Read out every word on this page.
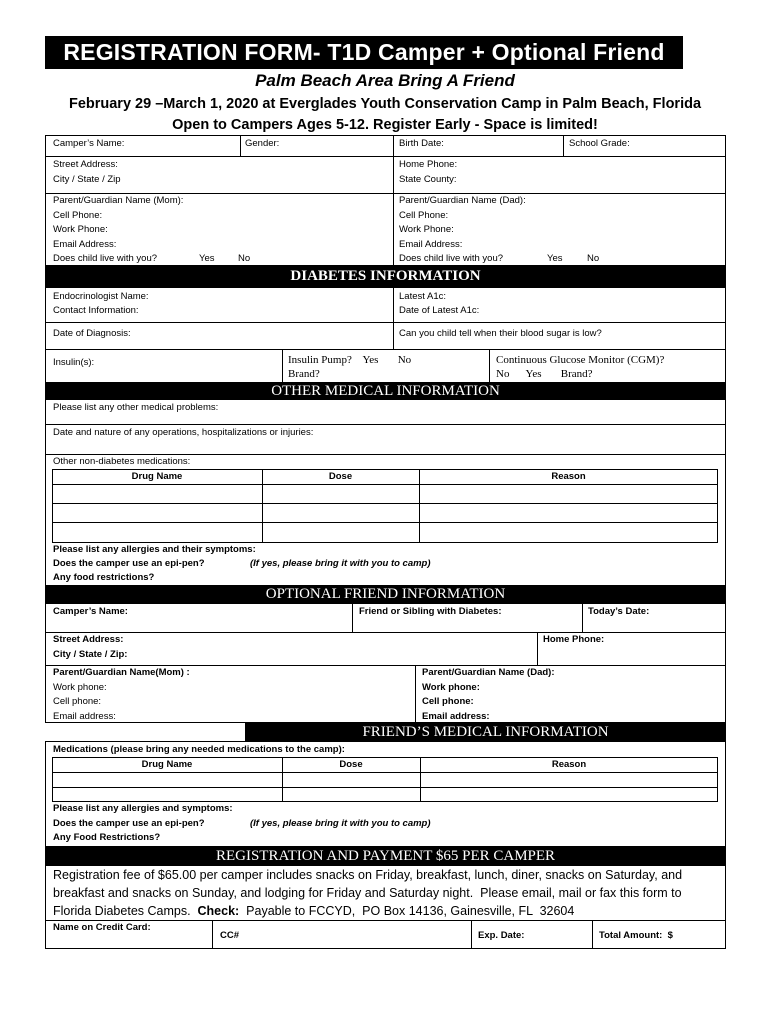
REGISTRATION FORM- T1D Camper + Optional Friend
Palm Beach Area Bring A Friend
February 29 –March 1, 2020 at Everglades Youth Conservation Camp in Palm Beach, Florida
Open to Campers Ages 5-12. Register Early - Space is limited!
Camper’s Name:	Gender:	Birth Date:	School Grade:
Street Address:
City / State / Zip
Home Phone:
State County:
Parent/Guardian Name (Mom):
Cell Phone:
Work Phone:
Email Address:
Does child live with you?	Yes No
Parent/Guardian Name (Dad):
Cell Phone:
Work Phone:
Email Address:
Does child live with you?	Yes	No
DIABETES INFORMATION
Endocrinologist Name:
Contact Information:
Latest A1c:
Date of Latest A1c:
Date of Diagnosis:	Can you child tell when their blood sugar is low?
Insulin(s):	Insulin Pump?    Yes       No
Brand?
Continuous Glucose Monitor (CGM)?
No      Yes       Brand?
OTHER MEDICAL INFORMATION
Please list any other medical problems:
Date and nature of any operations, hospitalizations or injuries:
Other non-diabetes medications:
Drug Name	Dose	Reason
Please list any allergies and their symptoms:
Does the camper use an epi-pen?	(If yes, please bring it with you to camp)
Any food restrictions?
OPTIONAL FRIEND INFORMATION
Camper’s Name:	Friend or Sibling with Diabetes:	Today’s Date:
Street Address:
City / State / Zip:
Home Phone:
Parent/Guardian Name(Mom) :
Work phone:
Cell phone:
Email address:
Parent/Guardian Name (Dad):
Work phone:
Cell phone:
Email address:
FRIEND’S MEDICAL INFORMATION
Medications (please bring any needed medications to the camp):
Drug Name	Dose	Reason
Please list any allergies and symptoms:
Does the camper use an epi-pen?	(If yes, please bring it with you to camp)
Any Food Restrictions?
REGISTRATION AND PAYMENT $65 PER CAMPER
Registration fee of $65.00 per camper includes snacks on Friday, breakfast, lunch, diner, snacks on Saturday, and
breakfast and snacks on Sunday, and lodging for Friday and Saturday night.  Please email, mail or fax this form to
Florida Diabetes Camps.  Check:  Payable to FCCYD,  PO Box 14136, Gainesville, FL  32604
Name on Credit Card:
CC#	Exp. Date:	Total Amount:  $
